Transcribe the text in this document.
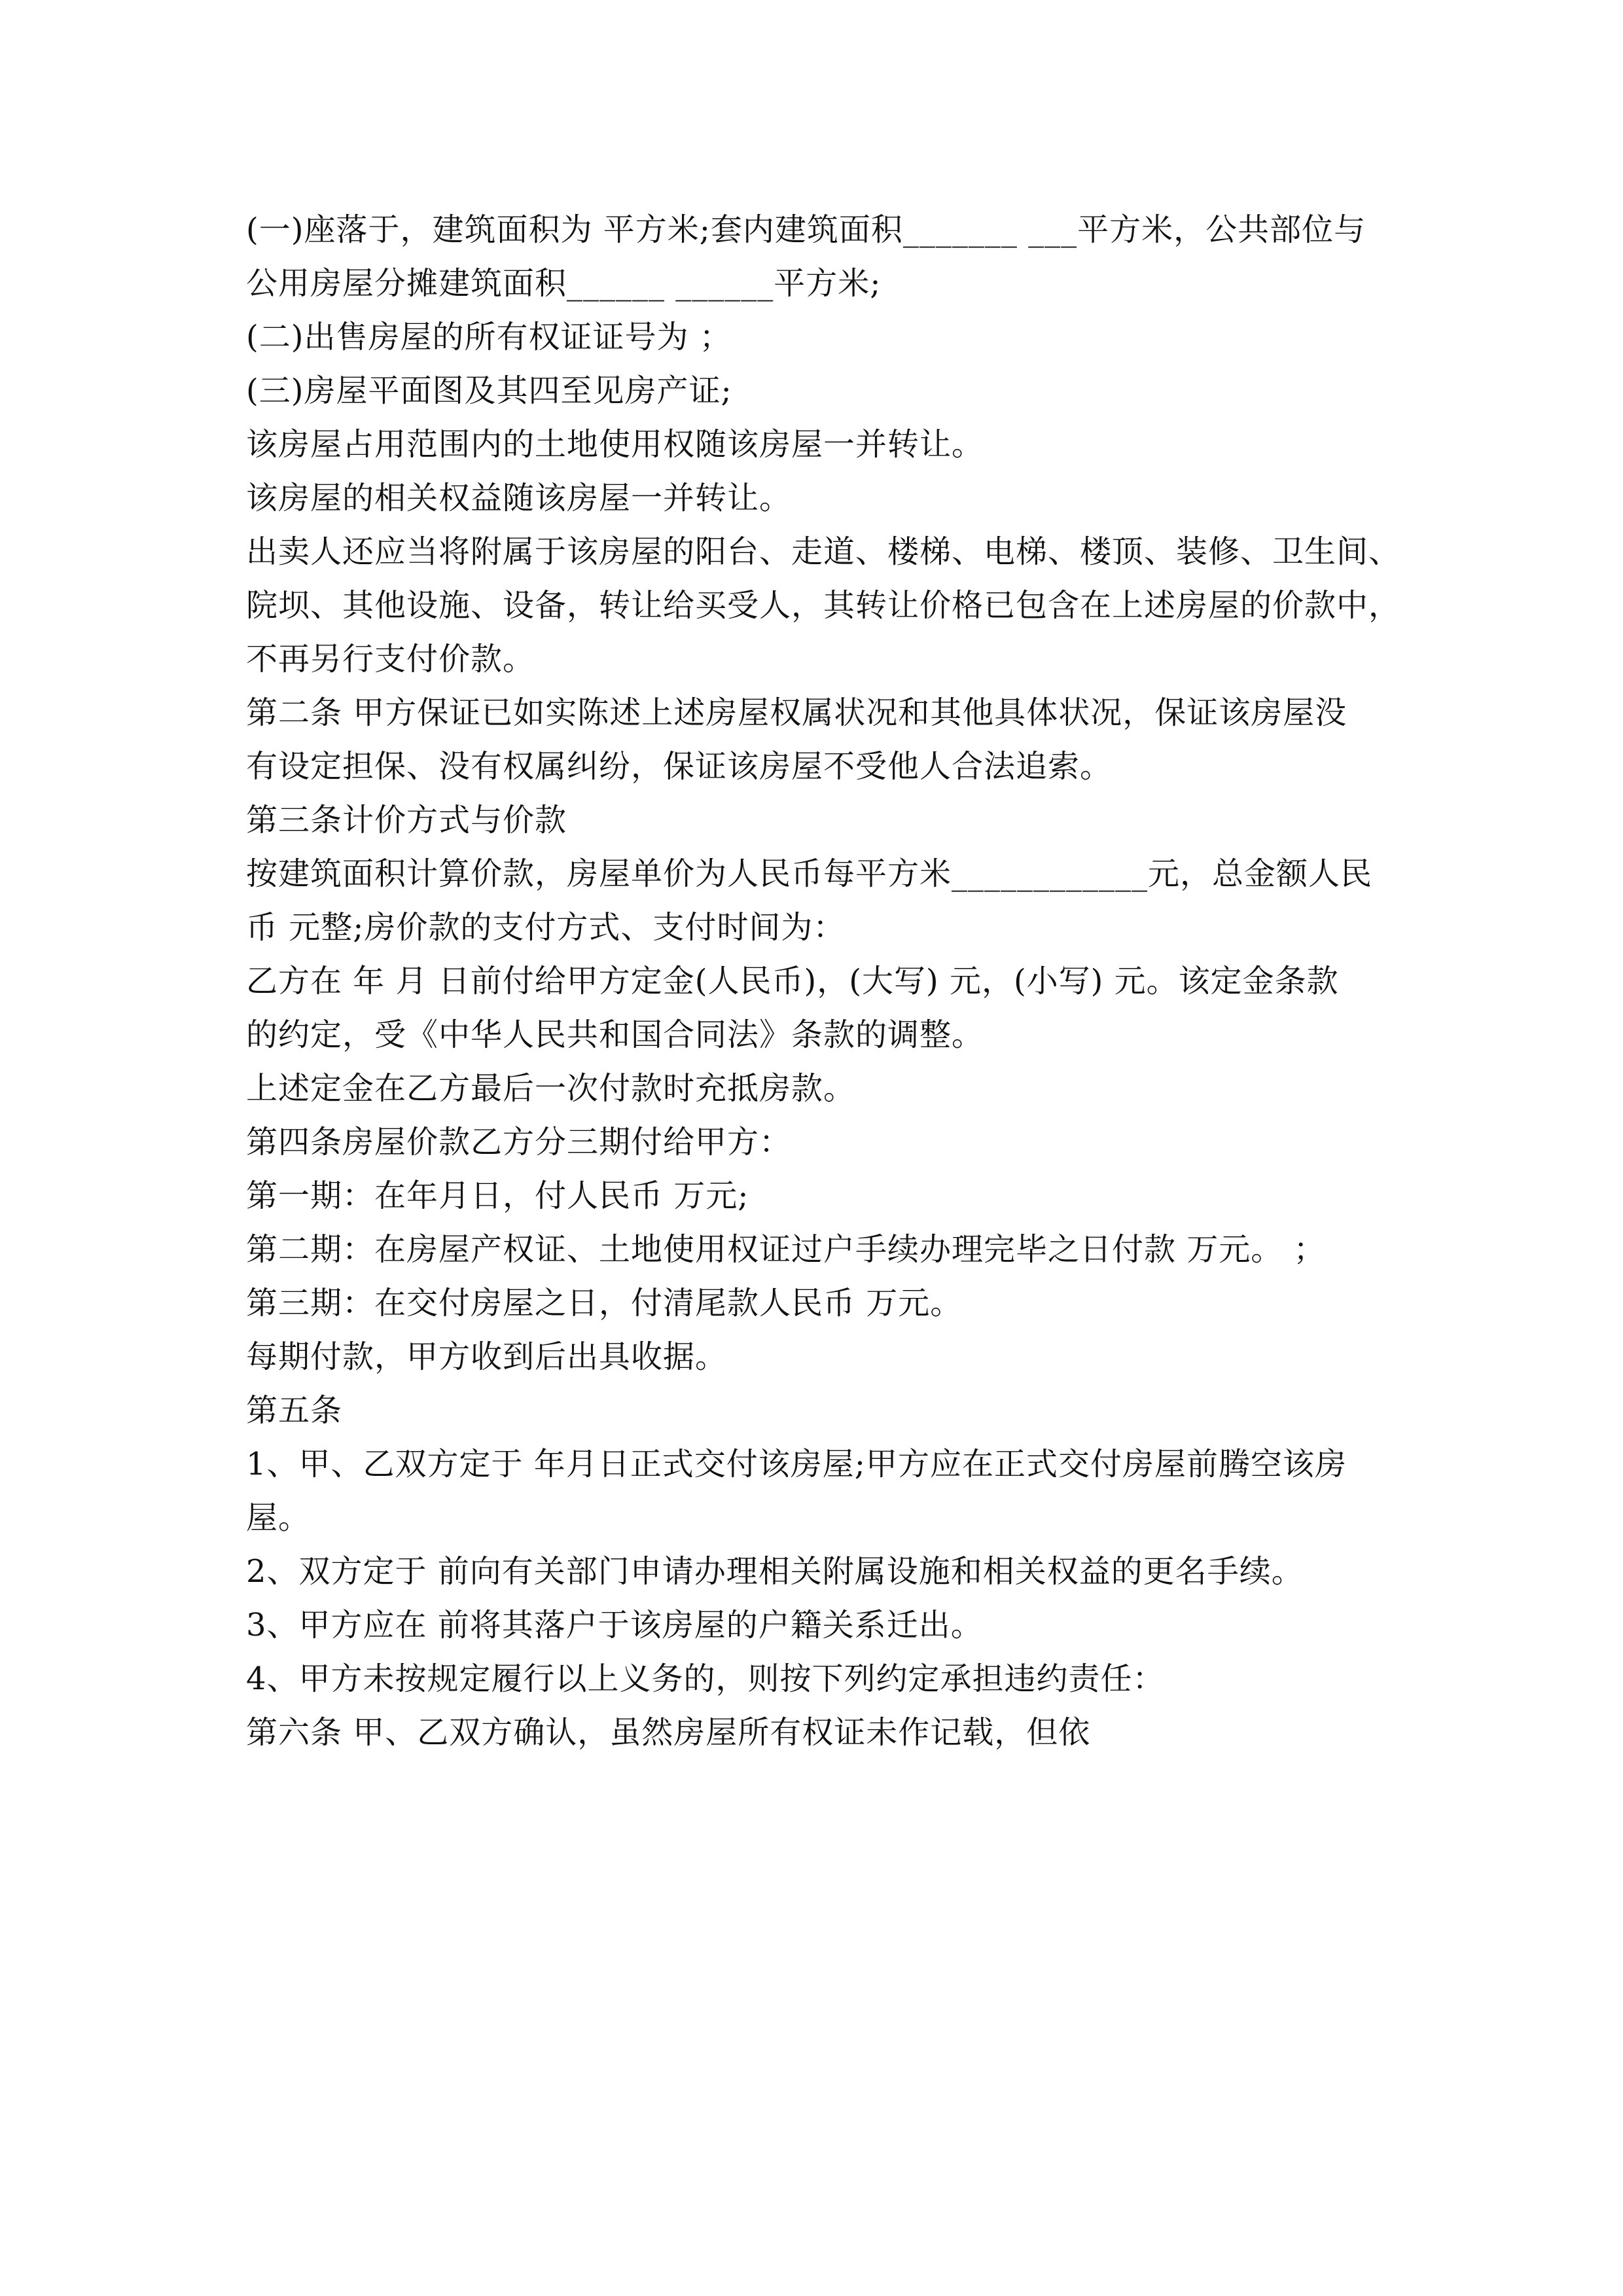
(一)座落于，建筑面积为 平方米;套内建筑面积_______ ___平方米，公共部位与
公用房屋分摊建筑面积______ ______平方米;
(二)出售房屋的所有权证证号为 ；
(三)房屋平面图及其四至见房产证;
该房屋占用范围内的土地使用权随该房屋一并转让。
该房屋的相关权益随该房屋一并转让。
出卖人还应当将附属于该房屋的阳台、走道、楼梯、电梯、楼顶、装修、卫生间、
院坝、其他设施、设备，转让给买受人，其转让价格已包含在上述房屋的价款中，
不再另行支付价款。
第二条 甲方保证已如实陈述上述房屋权属状况和其他具体状况，保证该房屋没
有设定担保、没有权属纠纷，保证该房屋不受他人合法追索。
第三条计价方式与价款
按建筑面积计算价款，房屋单价为人民币每平方米____________元，总金额人民
币 元整;房价款的支付方式、支付时间为：
乙方在 年 月 日前付给甲方定金(人民币)，(大写) 元，(小写) 元。该定金条款
的约定，受《中华人民共和国合同法》条款的调整。
上述定金在乙方最后一次付款时充抵房款。
第四条房屋价款乙方分三期付给甲方：
第一期：在年月日，付人民币 万元;
第二期：在房屋产权证、土地使用权证过户手续办理完毕之日付款 万元。 ；
第三期：在交付房屋之日，付清尾款人民币 万元。
每期付款，甲方收到后出具收据。
第五条
1、甲、乙双方定于 年月日正式交付该房屋;甲方应在正式交付房屋前腾空该房
屋。
2、双方定于 前向有关部门申请办理相关附属设施和相关权益的更名手续。
3、甲方应在 前将其落户于该房屋的户籍关系迁出。
4、甲方未按规定履行以上义务的，则按下列约定承担违约责任：
第六条 甲、乙双方确认，虽然房屋所有权证未作记载，但依
